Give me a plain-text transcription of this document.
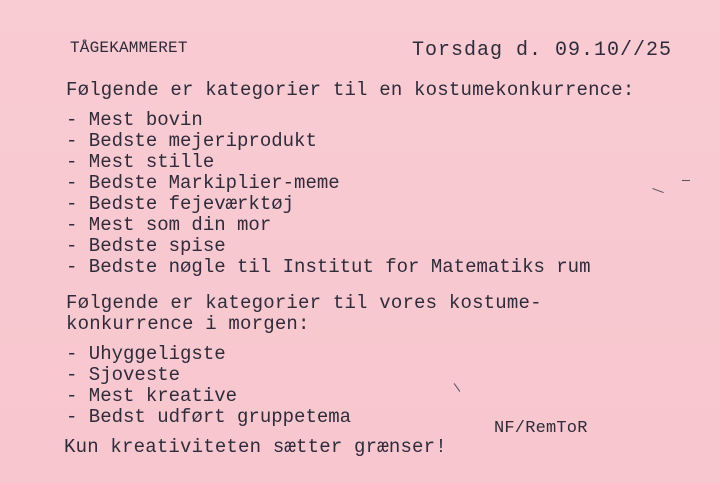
TÅGEKAMMERET	Torsdag d. 09.10//25
Følgende er kategorier til en kostumekonkurrence:
- Mest bovin
- Bedste mejeriprodukt
- Mest stille
- Bedste Markiplier-meme
- Bedste fejeværktøj
- Mest som din mor
- Bedste spise
- Bedste nøgle til Institut for Matematiks rum
Følgende er kategorier til vores kostume-
konkurrence i morgen:
- Uhyggeligste
- Sjoveste
- Mest kreative
- Bedst udført gruppetema
NF/RemToR
Kun kreativiteten sætter grænser!
